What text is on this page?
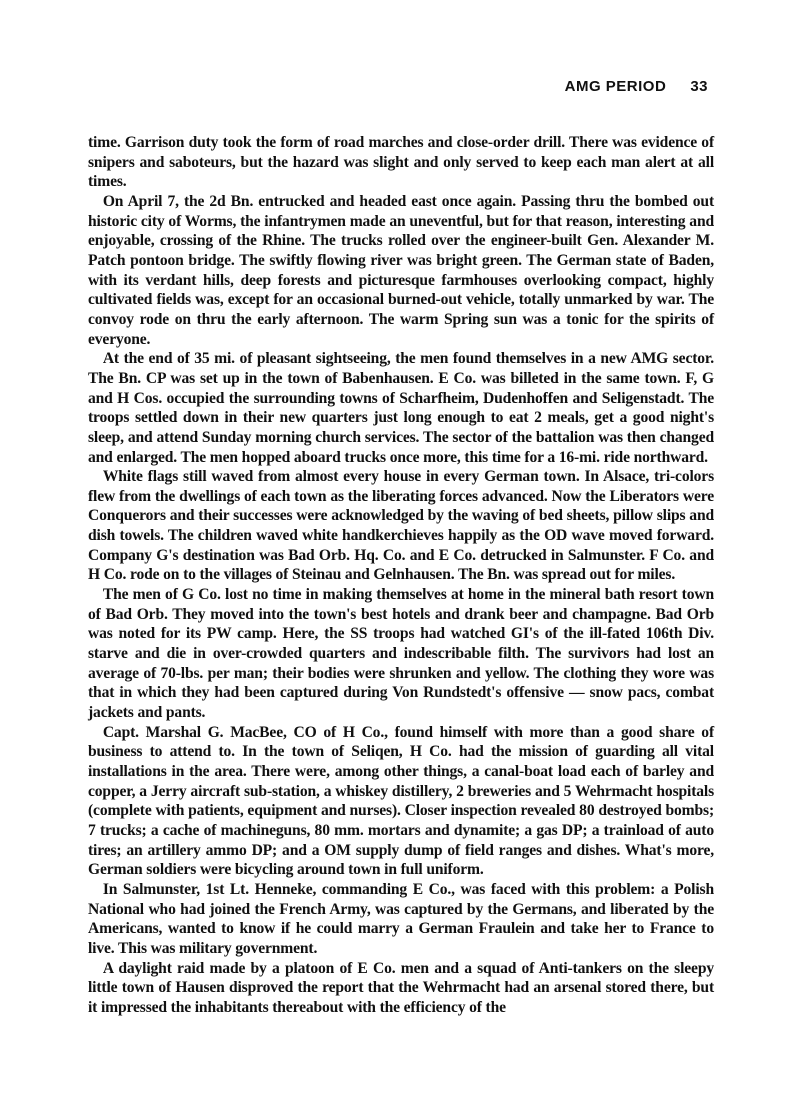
AMG PERIOD 33

time. Garrison duty took the form of road marches and close-order drill. There was evidence of snipers and saboteurs, but the hazard was slight and only served to keep each man alert at all times.

On April 7, the 2d Bn. entrucked and headed east once again. Passing thru the bombed out historic city of Worms, the infantrymen made an uneventful, but for that reason, interesting and enjoyable, crossing of the Rhine. The trucks rolled over the engineer-built Gen. Alexander M. Patch pontoon bridge. The swiftly flowing river was bright green. The German state of Baden, with its verdant hills, deep forests and picturesque farmhouses overlooking compact, highly cultivated fields was, except for an occasional burned-out vehicle, totally unmarked by war. The convoy rode on thru the early afternoon. The warm Spring sun was a tonic for the spirits of everyone.

At the end of 35 mi. of pleasant sightseeing, the men found themselves in a new AMG sector. The Bn. CP was set up in the town of Babenhausen. E Co. was billeted in the same town. F, G and H Cos. occupied the surrounding towns of Scharfheim, Dudenhoffen and Seligenstadt. The troops settled down in their new quarters just long enough to eat 2 meals, get a good night's sleep, and attend Sunday morning church services. The sector of the battalion was then changed and enlarged. The men hopped aboard trucks once more, this time for a 16-mi. ride northward.

White flags still waved from almost every house in every German town. In Alsace, tri-colors flew from the dwellings of each town as the liberating forces advanced. Now the Liberators were Conquerors and their successes were acknowledged by the waving of bed sheets, pillow slips and dish towels. The children waved white handkerchieves happily as the OD wave moved forward. Company G's destination was Bad Orb. Hq. Co. and E Co. detrucked in Salmunster. F Co. and H Co. rode on to the villages of Steinau and Gelnhausen. The Bn. was spread out for miles.

The men of G Co. lost no time in making themselves at home in the mineral bath resort town of Bad Orb. They moved into the town's best hotels and drank beer and champagne. Bad Orb was noted for its PW camp. Here, the SS troops had watched GI's of the ill-fated 106th Div. starve and die in over-crowded quarters and indescribable filth. The survivors had lost an average of 70-lbs. per man; their bodies were shrunken and yellow. The clothing they wore was that in which they had been captured during Von Rundstedt's offensive — snow pacs, combat jackets and pants.

Capt. Marshal G. MacBee, CO of H Co., found himself with more than a good share of business to attend to. In the town of Seliqen, H Co. had the mission of guarding all vital installations in the area. There were, among other things, a canal-boat load each of barley and copper, a Jerry aircraft sub-station, a whiskey distillery, 2 breweries and 5 Wehrmacht hospitals (complete with patients, equipment and nurses). Closer inspection revealed 80 destroyed bombs; 7 trucks; a cache of machineguns, 80 mm. mortars and dynamite; a gas DP; a trainload of auto tires; an artillery ammo DP; and a OM supply dump of field ranges and dishes. What's more, German soldiers were bicycling around town in full uniform.

In Salmunster, 1st Lt. Henneke, commanding E Co., was faced with this problem: a Polish National who had joined the French Army, was captured by the Germans, and liberated by the Americans, wanted to know if he could marry a German Fraulein and take her to France to live. This was military government.

A daylight raid made by a platoon of E Co. men and a squad of Anti-tankers on the sleepy little town of Hausen disproved the report that the Wehrmacht had an arsenal stored there, but it impressed the inhabitants thereabout with the efficiency of the
